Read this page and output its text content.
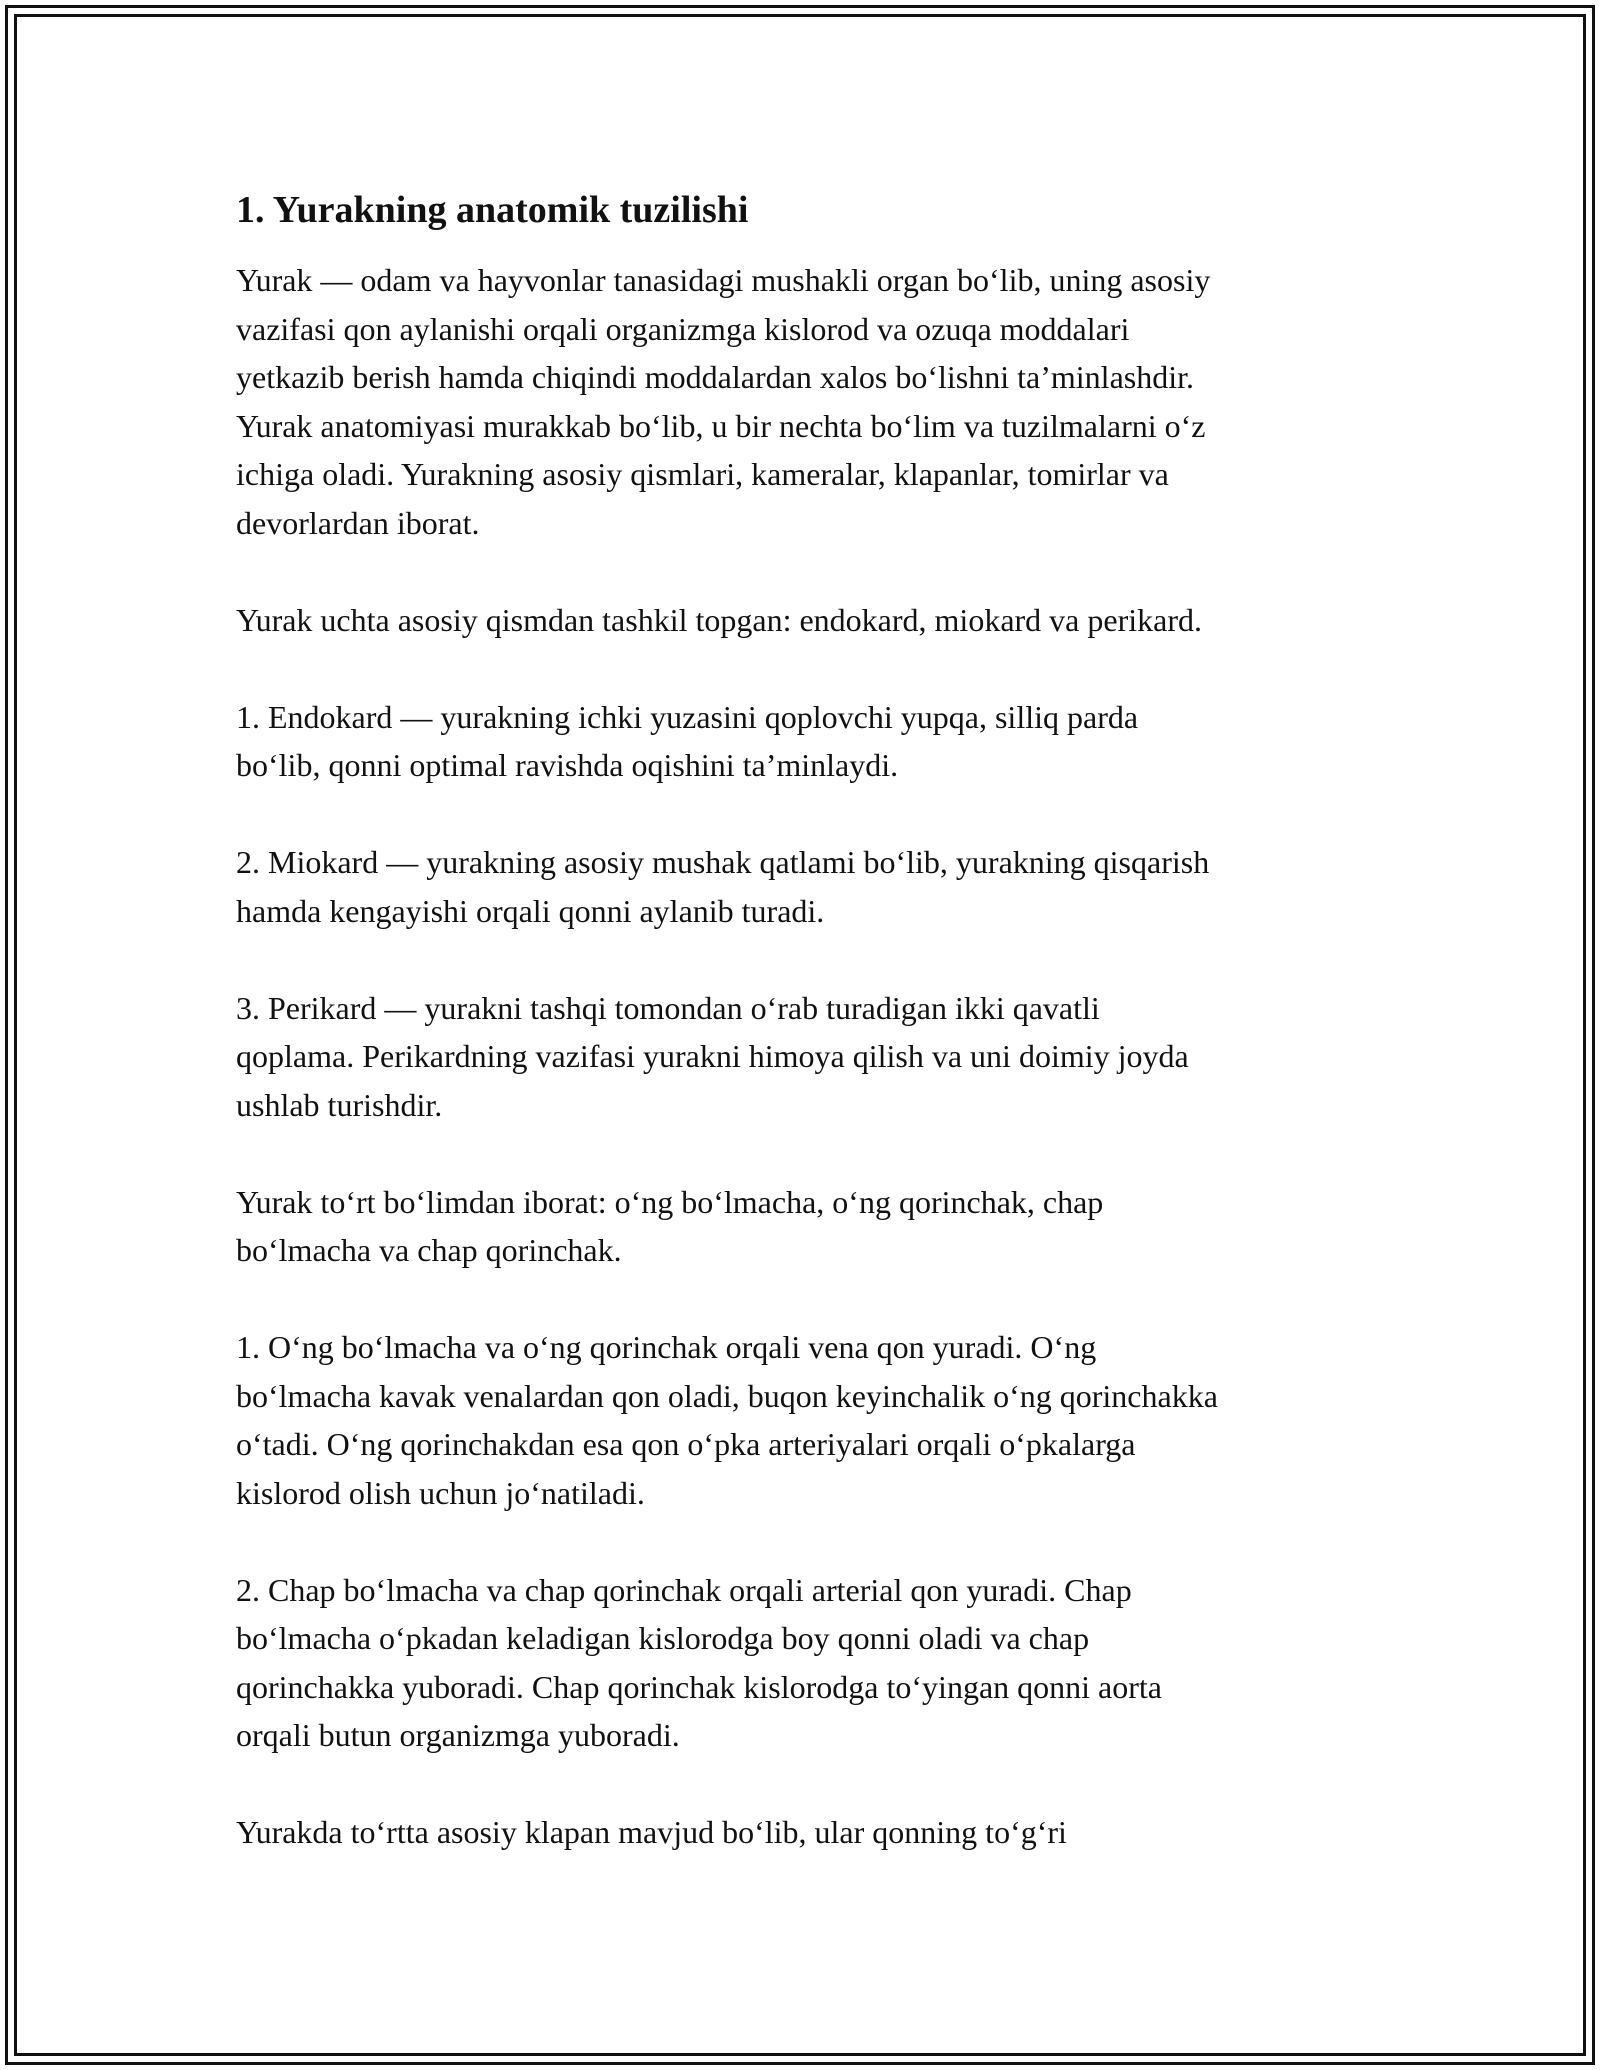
1. Yurakning anatomik tuzilishi

Yurak — odam va hayvonlar tanasidagi mushakli organ bo‘lib, uning asosiy
vazifasi qon aylanishi orqali organizmga kislorod va ozuqa moddalari
yetkazib berish hamda chiqindi moddalardan xalos bo‘lishni ta’minlashdir.
Yurak anatomiyasi murakkab bo‘lib, u bir nechta bo‘lim va tuzilmalarni o‘z
ichiga oladi. Yurakning asosiy qismlari, kameralar, klapanlar, tomirlar va
devorlardan iborat.

Yurak uchta asosiy qismdan tashkil topgan: endokard, miokard va perikard.

1. Endokard — yurakning ichki yuzasini qoplovchi yupqa, silliq parda
bo‘lib, qonni optimal ravishda oqishini ta’minlaydi.

2. Miokard — yurakning asosiy mushak qatlami bo‘lib, yurakning qisqarish
hamda kengayishi orqali qonni aylanib turadi.

3. Perikard — yurakni tashqi tomondan o‘rab turadigan ikki qavatli
qoplama. Perikardning vazifasi yurakni himoya qilish va uni doimiy joyda
ushlab turishdir.

Yurak to‘rt bo‘limdan iborat: o‘ng bo‘lmacha, o‘ng qorinchak, chap
bo‘lmacha va chap qorinchak.

1. O‘ng bo‘lmacha va o‘ng qorinchak orqali vena qon yuradi. O‘ng
bo‘lmacha kavak venalardan qon oladi, buqon keyinchalik o‘ng qorinchakka
o‘tadi. O‘ng qorinchakdan esa qon o‘pka arteriyalari orqali o‘pkalarga
kislorod olish uchun jo‘natiladi.

2. Chap bo‘lmacha va chap qorinchak orqali arterial qon yuradi. Chap
bo‘lmacha o‘pkadan keladigan kislorodga boy qonni oladi va chap
qorinchakka yuboradi. Chap qorinchak kislorodga to‘yingan qonni aorta
orqali butun organizmga yuboradi.

Yurakda to‘rtta asosiy klapan mavjud bo‘lib, ular qonning to‘g‘ri
